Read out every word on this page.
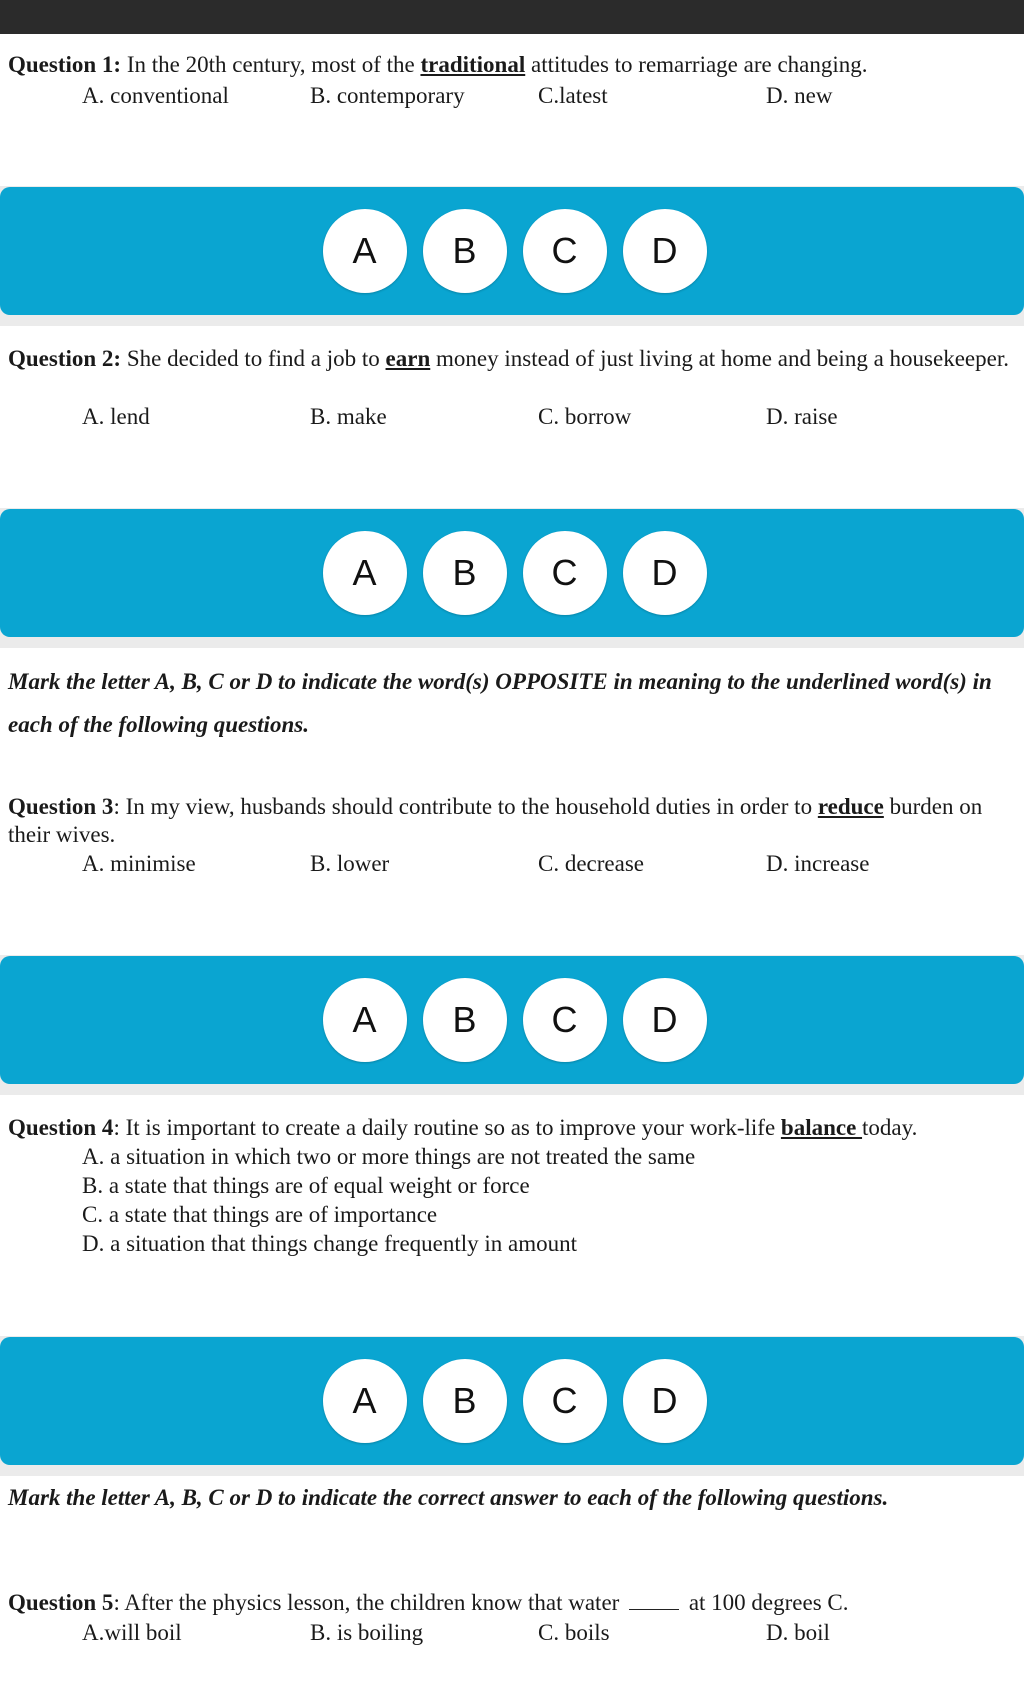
Question 1: In the 20th century, most of the traditional attitudes to remarriage are changing.
A. conventional	B. contemporary	C.latest	D. new
A	B	C	D
Question 2: She decided to find a job to earn money instead of just living at home and being a housekeeper.
A. lend	B. make	C. borrow	D. raise
A	B	C	D
Mark the letter A, B, C or D to indicate the word(s) OPPOSITE in meaning to the underlined word(s) in each of the following questions.
Question 3: In my view, husbands should contribute to the household duties in order to reduce burden on their wives.
A. minimise	B. lower	C. decrease	D. increase
A	B	C	D
Question 4: It is important to create a daily routine so as to improve your work-life balance today.
A. a situation in which two or more things are not treated the same
B. a state that things are of equal weight or force
C. a state that things are of importance
D. a situation that things change frequently in amount
A	B	C	D
Mark the letter A, B, C or D to indicate the correct answer to each of the following questions.
Question 5: After the physics lesson, the children know that water	at 100 degrees C.
A.will boil	B. is boiling	C. boils	D. boil
